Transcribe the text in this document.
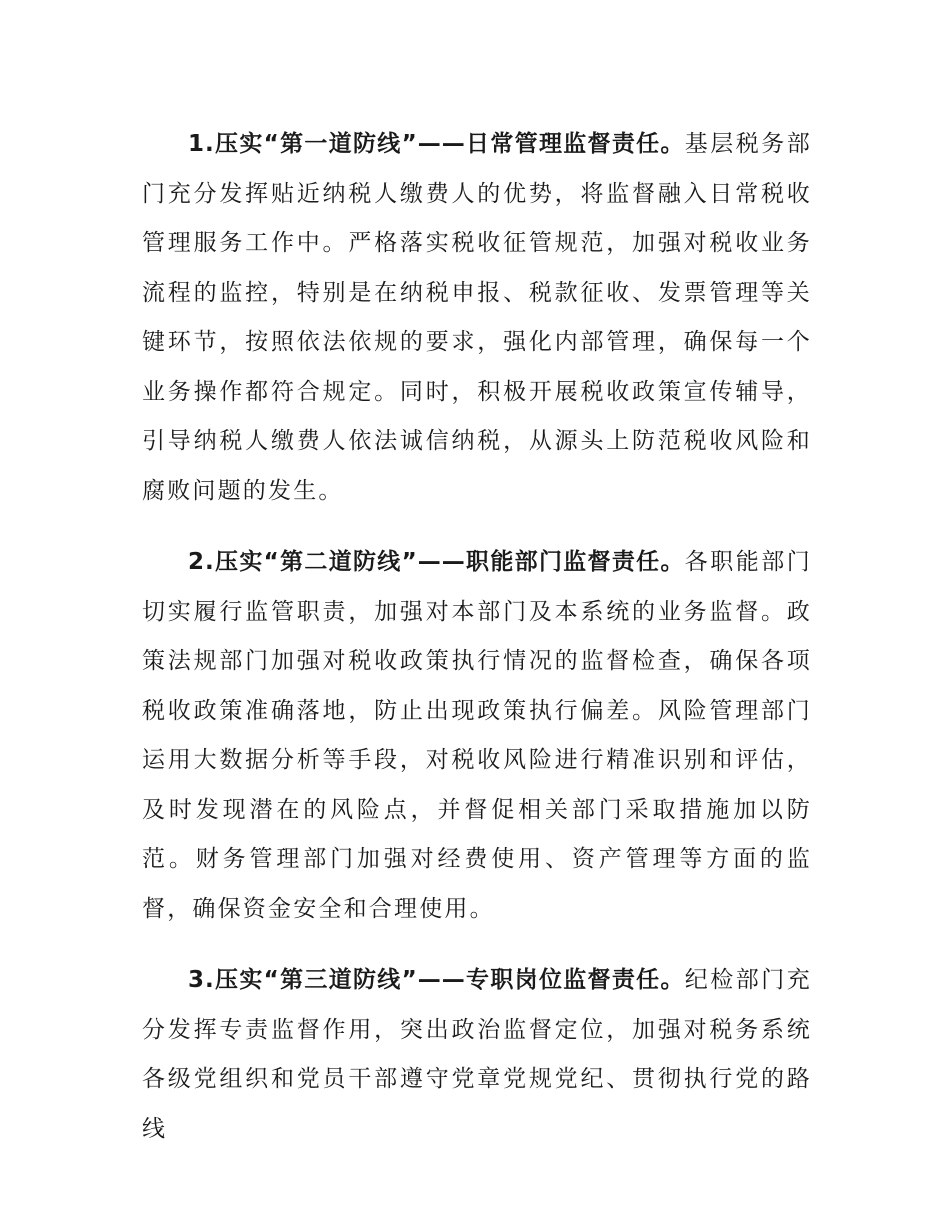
1.压实“第一道防线”——日常管理监督责任。基层税务部门充分发挥贴近纳税人缴费人的优势，将监督融入日常税收管理服务工作中。严格落实税收征管规范，加强对税收业务流程的监控，特别是在纳税申报、税款征收、发票管理等关键环节，按照依法依规的要求，强化内部管理，确保每一个业务操作都符合规定。同时，积极开展税收政策宣传辅导，引导纳税人缴费人依法诚信纳税，从源头上防范税收风险和腐败问题的发生。

2.压实“第二道防线”——职能部门监督责任。各职能部门切实履行监管职责，加强对本部门及本系统的业务监督。政策法规部门加强对税收政策执行情况的监督检查，确保各项税收政策准确落地，防止出现政策执行偏差。风险管理部门运用大数据分析等手段，对税收风险进行精准识别和评估，及时发现潜在的风险点，并督促相关部门采取措施加以防范。财务管理部门加强对经费使用、资产管理等方面的监督，确保资金安全和合理使用。

3.压实“第三道防线”——专职岗位监督责任。纪检部门充分发挥专责监督作用，突出政治监督定位，加强对税务系统各级党组织和党员干部遵守党章党规党纪、贯彻执行党的路线
